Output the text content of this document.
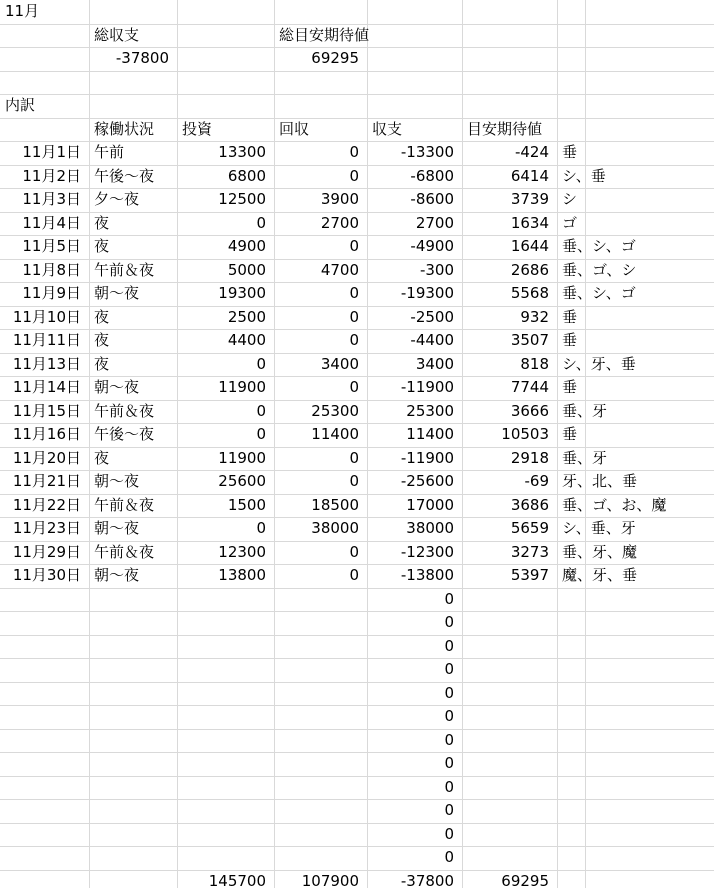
11月
総収支	総目安期待値
-37800	69295
内訳
稼働状況	投資	回収	収支	目安期待値
11月1日 午前	13300	0	-13300	-424 垂
11月2日 午後～夜	6800	0	-6800	6414 シ、垂
11月3日 夕～夜	12500	3900	-8600	3739 シ
11月4日 夜	0	2700	2700	1634 ゴ
11月5日 夜	4900	0	-4900	1644 垂、シ、ゴ
11月8日 午前＆夜	5000	4700	-300	2686 垂、ゴ、シ
11月9日 朝～夜	19300	0	-19300	5568 垂、シ、ゴ
11月10日 夜	2500	0	-2500	932 垂
11月11日 夜	4400	0	-4400	3507 垂
11月13日 夜	0	3400	3400	818 シ、牙、垂
11月14日 朝～夜	11900	0	-11900	7744 垂
11月15日 午前＆夜	0	25300	25300	3666 垂、牙
11月16日 午後～夜	0	11400	11400	10503 垂
11月20日 夜	11900	0	-11900	2918 垂、牙
11月21日 朝～夜	25600	0	-25600	-69 牙、北、垂
11月22日 午前＆夜	1500	18500	17000	3686 垂、ゴ、お、魔
11月23日 朝～夜	0	38000	38000	5659 シ、垂、牙
11月29日 午前＆夜	12300	0	-12300	3273 垂、牙、魔
11月30日 朝～夜	13800	0	-13800	5397 魔、牙、垂
0
0
0
0
0
0
0
0
0
0
0
0
145700	107900	-37800	69295
